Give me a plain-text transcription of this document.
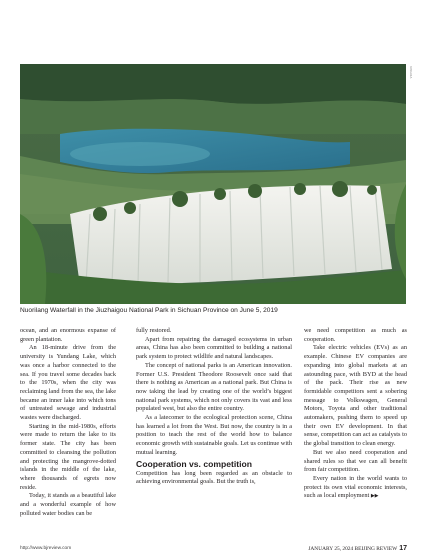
XINHUA
Nuorilang Waterfall in the Jiuzhaigou National Park in Sichuan Province on June 5, 2019

ocean, and an enormous expanse of green plantation.

An 18-minute drive from the university is Yundang Lake, which was once a harbor connected to the sea. If you travel some decades back to the 1970s, when the city was reclaiming land from the sea, the lake became an inner lake into which tons of untreated sewage and industrial wastes were discharged.

Starting in the mid-1980s, efforts were made to return the lake to its former state. The city has been committed to cleansing the pollution and protecting the mangrove-dotted islands in the middle of the lake, where thousands of egrets now reside.

Today, it stands as a beautiful lake and a wonderful example of how polluted water bodies can be

fully restored.

Apart from repairing the damaged ecosystems in urban areas, China has also been committed to building a national park system to protect wildlife and natural landscapes.

The concept of national parks is an American innovation. Former U.S. President Theodore Roosevelt once said that there is nothing as American as a national park. But China is now taking the lead by creating one of the world’s biggest national park systems, which not only covers its vast and less populated west, but also the entire country.

As a latecomer to the ecological protection scene, China has learned a lot from the West. But now, the country is in a position to teach the rest of the world how to balance economic growth with sustainable goals. Let us continue with mutual learning.

Cooperation vs. competition

Competition has long been regarded as an obstacle to achieving environmental goals. But the truth is,

we need competition as much as cooperation.

Take electric vehicles (EVs) as an example. Chinese EV companies are expanding into global markets at an astounding pace, with BYD at the head of the pack. Their rise as new formidable competitors sent a sobering message to Volkswagen, General Motors, Toyota and other traditional automakers, pushing them to speed up their own EV development. In that sense, competition can act as catalysts to the global transition to clean energy.

But we also need cooperation and shared rules so that we can all benefit from fair competition.

Every nation in the world wants to protect its own vital economic interests, such as local employment ▶▶

http://www.bjreview.com	JANUARY 25, 2024 BEIJING REVIEW 17
